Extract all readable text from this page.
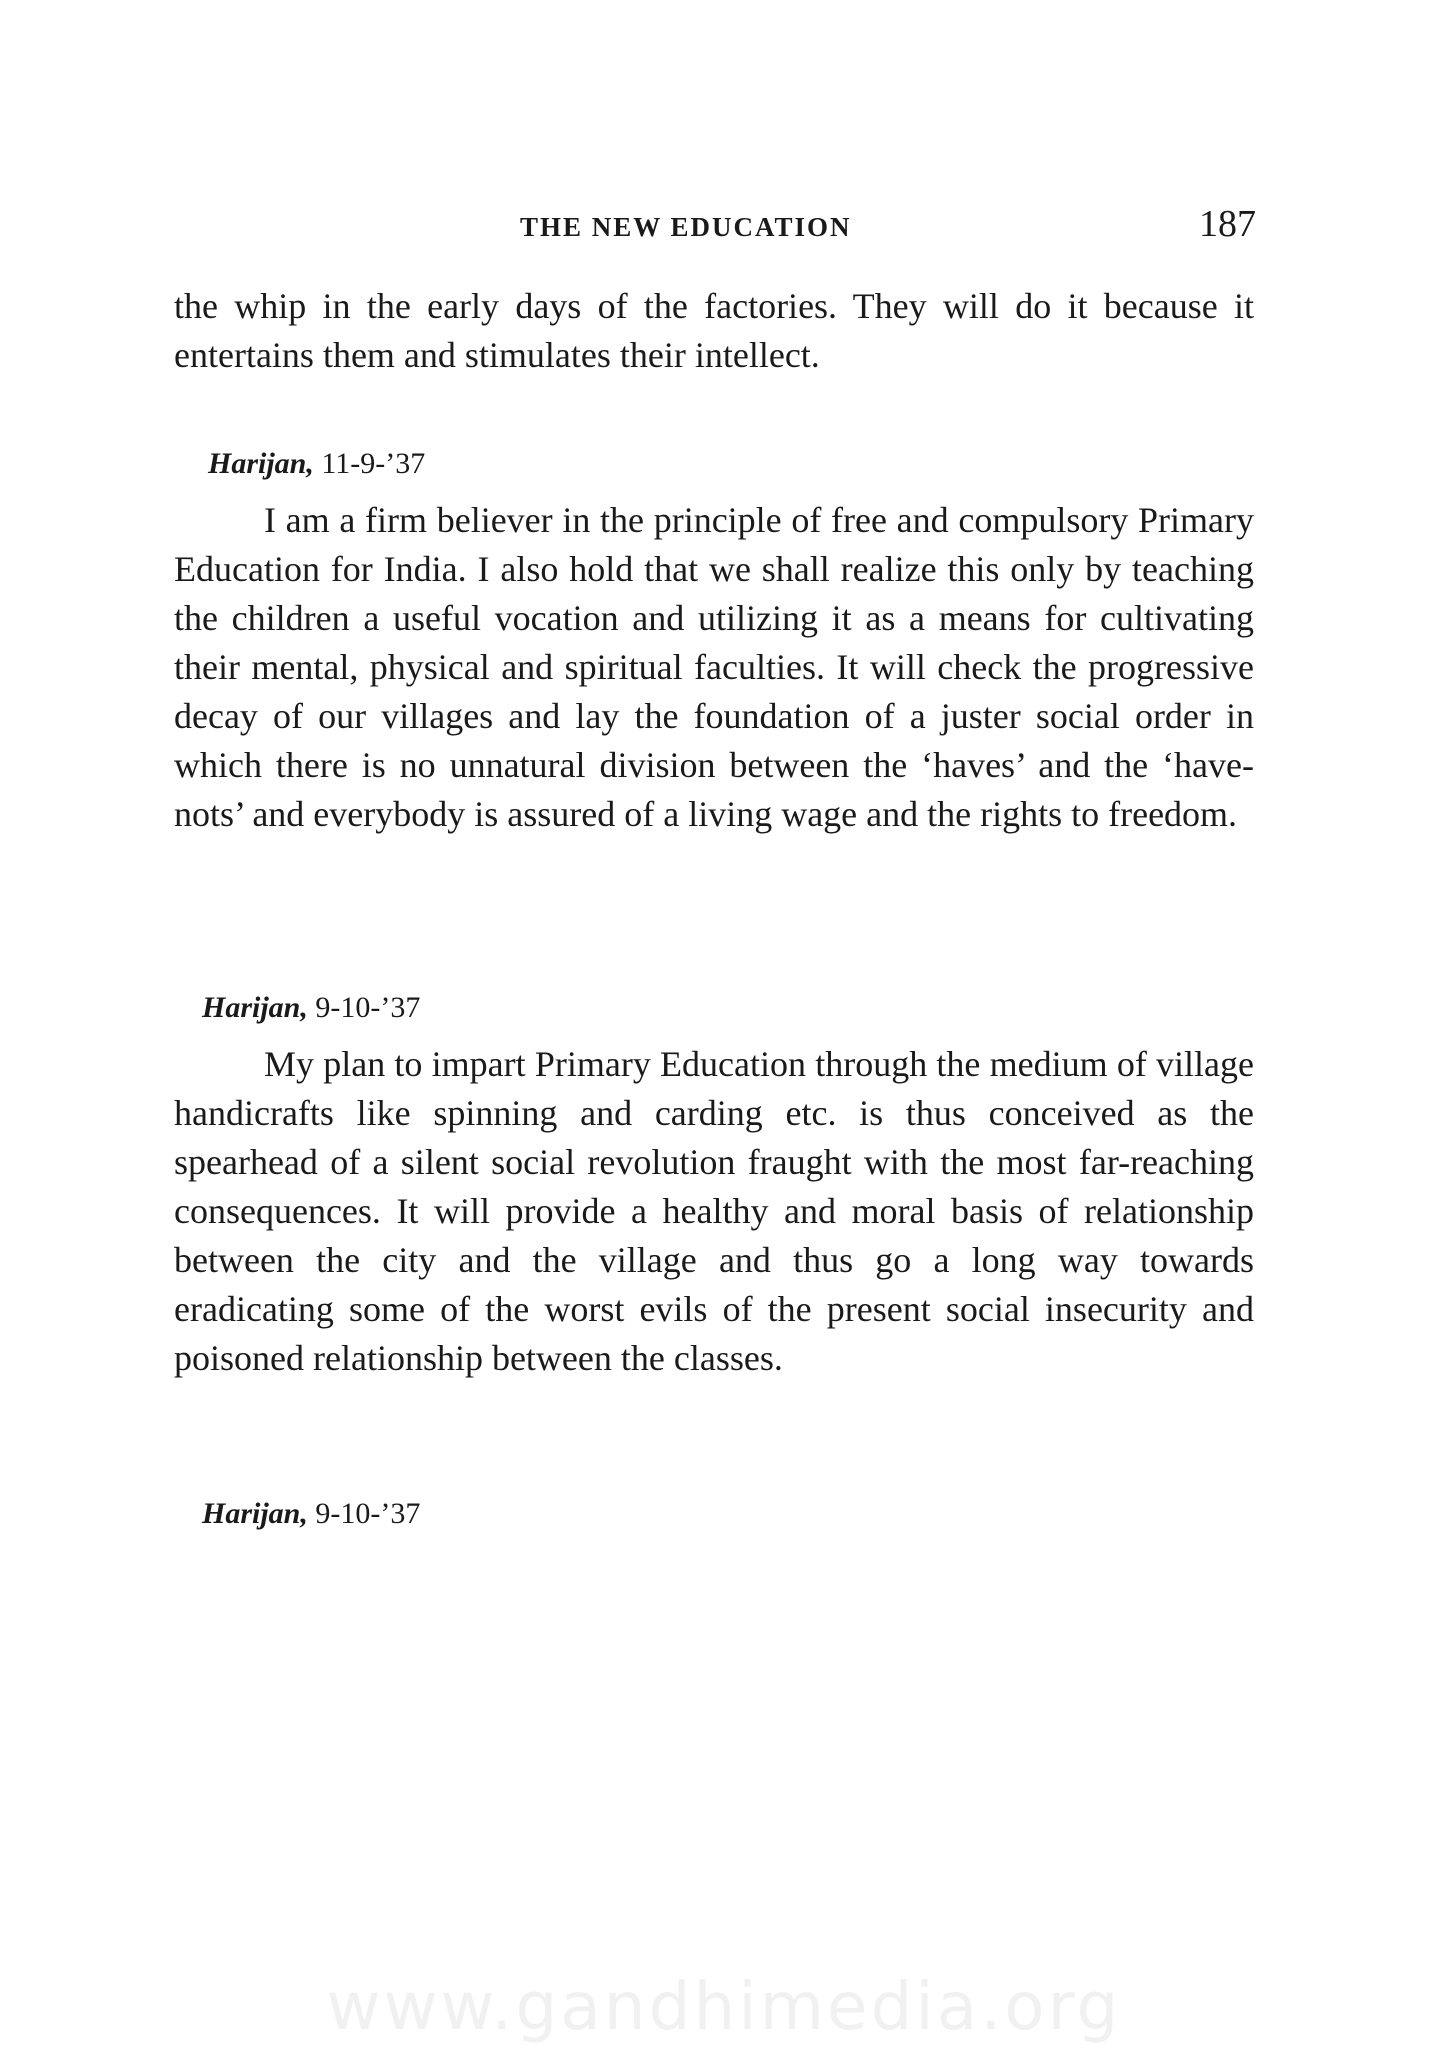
THE NEW EDUCATION	187

the whip in the early days of the factories. They will do it because it entertains them and stimulates their intellect.

Harijan, 11-9-’37

I am a firm believer in the principle of free and compulsory Primary Education for India. I also hold that we shall realize this only by teaching the children a useful vocation and utilizing it as a means for cultivating their mental, physical and spiritual faculties. It will check the progressive decay of our villages and lay the foundation of a juster social order in which there is no unnatural division between the ‘haves’ and the ‘have-nots’ and everybody is assured of a living wage and the rights to freedom.

Harijan, 9-10-’37

My plan to impart Primary Education through the medium of village handicrafts like spinning and carding etc. is thus conceived as the spearhead of a silent social revolution fraught with the most far-reaching consequences. It will provide a healthy and moral basis of relationship between the city and the village and thus go a long way towards eradicating some of the worst evils of the present social insecurity and poisoned relationship between the classes.

Harijan, 9-10-’37
www.gandhimedia.org
